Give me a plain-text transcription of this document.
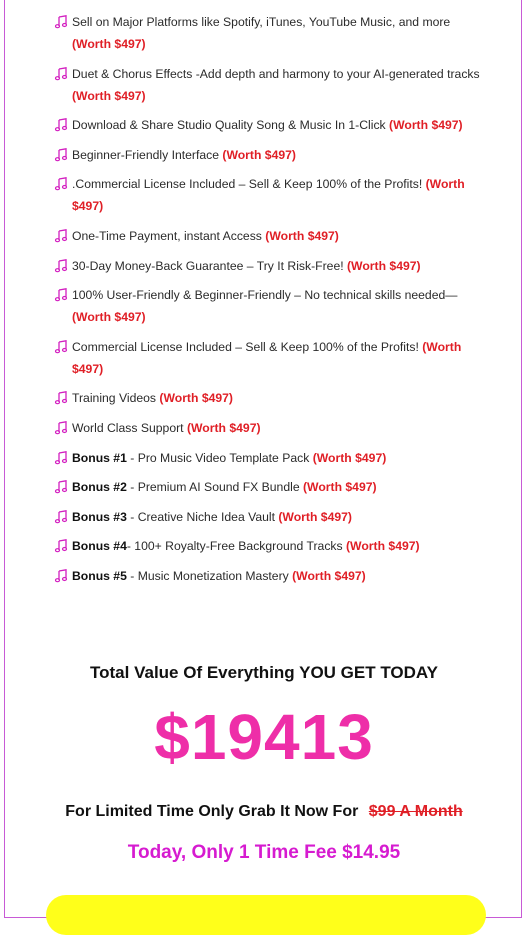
Sell on Major Platforms like Spotify, iTunes, YouTube Music, and more (Worth $497)
Duet & Chorus Effects -Add depth and harmony to your AI-generated tracks (Worth $497)
Download & Share Studio Quality Song & Music In 1-Click (Worth $497)
Beginner-Friendly Interface (Worth $497)
.Commercial License Included – Sell & Keep 100% of the Profits! (Worth $497)
One-Time Payment, instant Access (Worth $497)
30-Day Money-Back Guarantee – Try It Risk-Free! (Worth $497)
100% User-Friendly & Beginner-Friendly – No technical skills needed—(Worth $497)
Commercial License Included – Sell & Keep 100% of the Profits! (Worth $497)
Training Videos (Worth $497)
World Class Support (Worth $497)
Bonus #1 - Pro Music Video Template Pack (Worth $497)
Bonus #2 - Premium AI Sound FX Bundle (Worth $497)
Bonus #3 - Creative Niche Idea Vault (Worth $497)
Bonus #4- 100+ Royalty-Free Background Tracks (Worth $497)
Bonus #5 - Music Monetization Mastery (Worth $497)
Total Value Of Everything YOU GET TODAY
$19413
For Limited Time Only Grab It Now For $99 A Month
Today, Only 1 Time Fee $14.95
